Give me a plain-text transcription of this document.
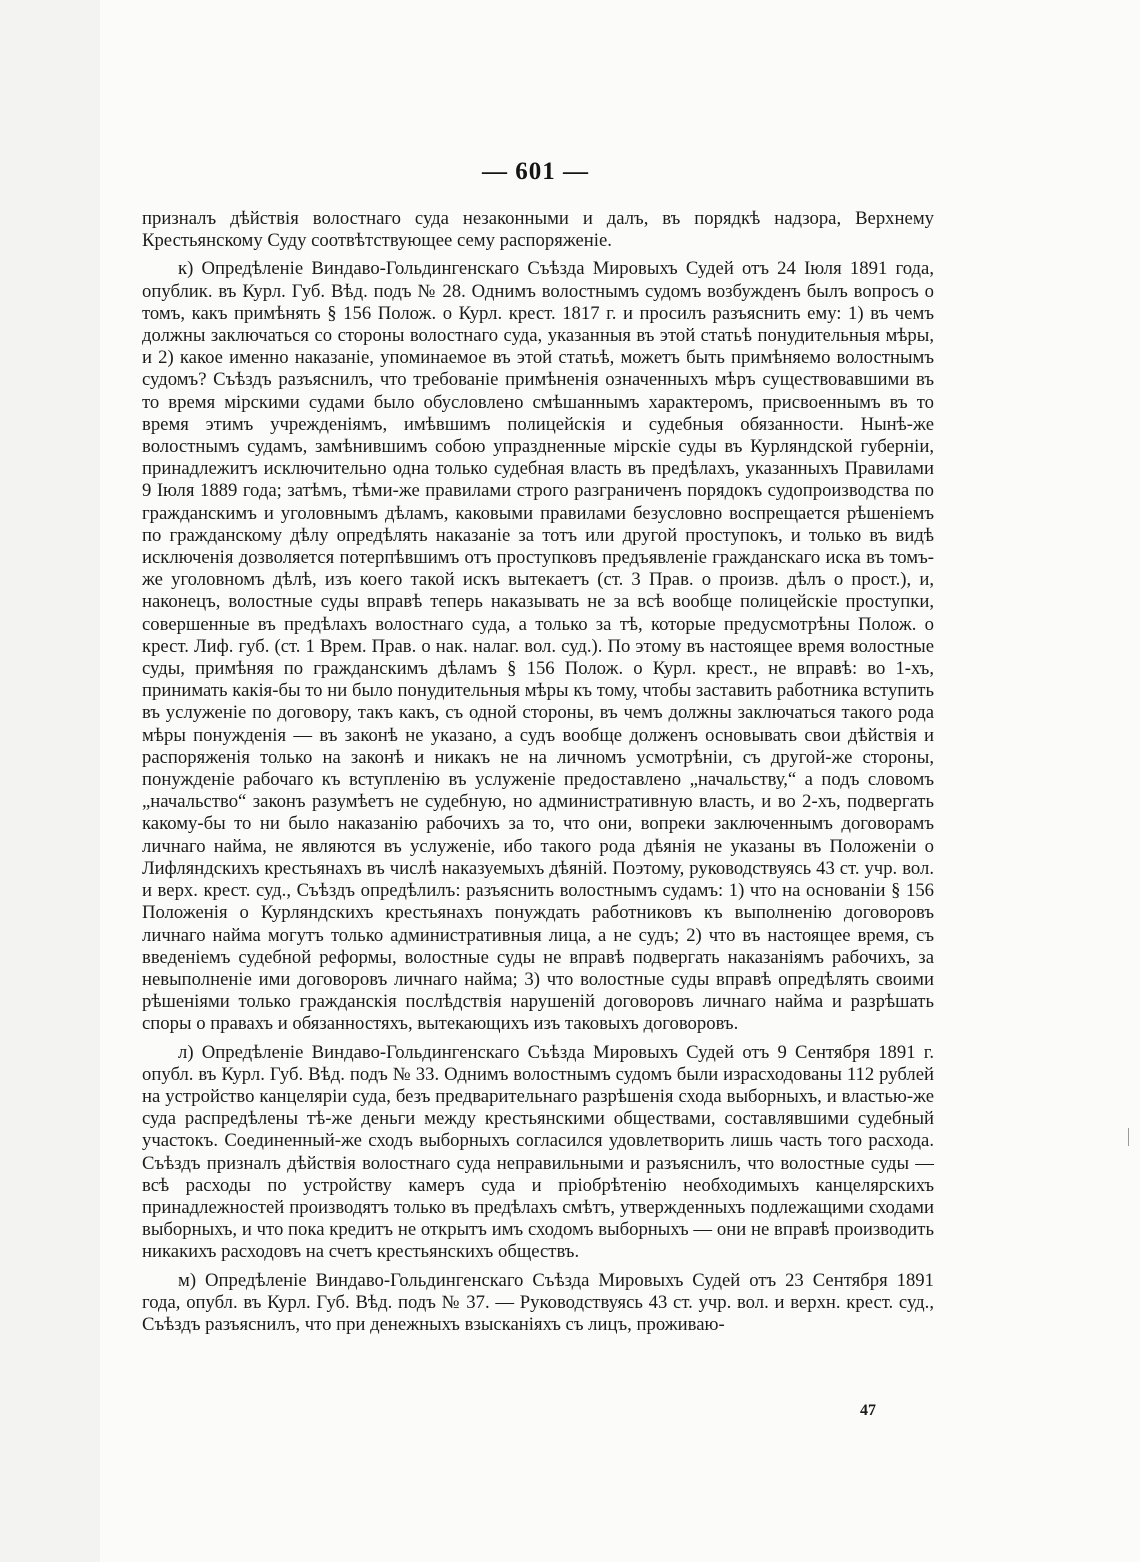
— 601 —

призналъ дѣйствія волостнаго суда незаконными и далъ, въ порядкѣ надзора, Верхнему Крестьянскому Суду соотвѣтствующее сему распоряженіе.

к) Опредѣленіе Виндаво-Гольдингенскаго Съѣзда Мировыхъ Судей отъ 24 Іюля 1891 года, опублик. въ Курл. Губ. Вѣд. подъ № 28. Однимъ волостнымъ судомъ возбужденъ былъ вопросъ о томъ, какъ примѣнять § 156 Полож. о Курл. крест. 1817 г. и просилъ разъяснить ему: 1) въ чемъ должны заключаться со стороны волостнаго суда, указанныя въ этой статьѣ понудительныя мѣры, и 2) какое именно наказаніе, упоминаемое въ этой статьѣ, можетъ быть примѣняемо волостнымъ судомъ? Съѣздъ разъяснилъ, что требованіе примѣненія означенныхъ мѣръ существовавшими въ то время мірскими судами было обусловлено смѣшаннымъ характеромъ, присвоеннымъ въ то время этимъ учрежденіямъ, имѣвшимъ полицейскія и судебныя обязанности. Нынѣ-же волостнымъ судамъ, замѣнившимъ собою упраздненные мірскіе суды въ Курляндской губерніи, принадлежитъ исключительно одна только судебная власть въ предѣлахъ, указанныхъ Правилами 9 Іюля 1889 года; затѣмъ, тѣми-же правилами строго разграниченъ порядокъ судопроизводства по гражданскимъ и уголовнымъ дѣламъ, каковыми правилами безусловно воспрещается рѣшеніемъ по гражданскому дѣлу опредѣлять наказаніе за тотъ или другой проступокъ, и только въ видѣ исключенія дозволяется потерпѣвшимъ отъ проступковъ предъявленіе гражданскаго иска въ томъ-же уголовномъ дѣлѣ, изъ коего такой искъ вытекаетъ (ст. 3 Прав. о произв. дѣлъ о прост.), и, наконецъ, волостные суды вправѣ теперь наказывать не за всѣ вообще полицейскіе проступки, совершенные въ предѣлахъ волостнаго суда, а только за тѣ, которые предусмотрѣны Полож. о крест. Лиф. губ. (ст. 1 Врем. Прав. о нак. налаг. вол. суд.). По этому въ настоящее время волостные суды, примѣняя по гражданскимъ дѣламъ § 156 Полож. о Курл. крест., не вправѣ: во 1-хъ, принимать какія-бы то ни было понудительныя мѣры къ тому, чтобы заставить работника вступить въ услуженіе по договору, такъ какъ, съ одной стороны, въ чемъ должны заключаться такого рода мѣры понужденія — въ законѣ не указано, а судъ вообще долженъ основывать свои дѣйствія и распоряженія только на законѣ и никакъ не на личномъ усмотрѣніи, съ другой-же стороны, понужденіе рабочаго къ вступленію въ услуженіе предоставлено „начальству,“ а подъ словомъ „начальство“ законъ разумѣетъ не судебную, но административную власть, и во 2-хъ, подвергать какому-бы то ни было наказанію рабочихъ за то, что они, вопреки заключеннымъ договорамъ личнаго найма, не являются въ услуженіе, ибо такого рода дѣянія не указаны въ Положеніи о Лифляндскихъ крестьянахъ въ числѣ наказуемыхъ дѣяній. Поэтому, руководствуясь 43 ст. учр. вол. и верх. крест. суд., Съѣздъ опредѣлилъ: разъяснить волостнымъ судамъ: 1) что на основаніи § 156 Положенія о Курляндскихъ крестьянахъ понуждать работниковъ къ выполненію договоровъ личнаго найма могутъ только административныя лица, а не судъ; 2) что въ настоящее время, съ введеніемъ судебной реформы, волостные суды не вправѣ подвергать наказаніямъ рабочихъ, за невыполненіе ими договоровъ личнаго найма; 3) что волостные суды вправѣ опредѣлять своими рѣшеніями только гражданскія послѣдствія нарушеній договоровъ личнаго найма и разрѣшать споры о правахъ и обязанностяхъ, вытекающихъ изъ таковыхъ договоровъ.

л) Опредѣленіе Виндаво-Гольдингенскаго Съѣзда Мировыхъ Судей отъ 9 Сентября 1891 г. опубл. въ Курл. Губ. Вѣд. подъ № 33. Однимъ волостнымъ судомъ были израсходованы 112 рублей на устройство канцеляріи суда, безъ предварительнаго разрѣшенія схода выборныхъ, и властью-же суда распредѣлены тѣ-же деньги между крестьянскими обществами, составлявшими судебный участокъ. Соединенный-же сходъ выборныхъ согласился удовлетворить лишь часть того расхода. Съѣздъ призналъ дѣйствія волостнаго суда неправильными и разъяснилъ, что волостные суды — всѣ расходы по устройству камеръ суда и пріобрѣтенію необходимыхъ канцелярскихъ принадлежностей производятъ только въ предѣлахъ смѣтъ, утвержденныхъ подлежащими сходами выборныхъ, и что пока кредитъ не открытъ имъ сходомъ выборныхъ — они не вправѣ производить никакихъ расходовъ на счетъ крестьянскихъ обществъ.

м) Опредѣленіе Виндаво-Гольдингенскаго Съѣзда Мировыхъ Судей отъ 23 Сентября 1891 года, опубл. въ Курл. Губ. Вѣд. подъ № 37. — Руководствуясь 43 ст. учр. вол. и верхн. крест. суд., Съѣздъ разъяснилъ, что при денежныхъ взысканіяхъ съ лицъ, проживаю-

47
